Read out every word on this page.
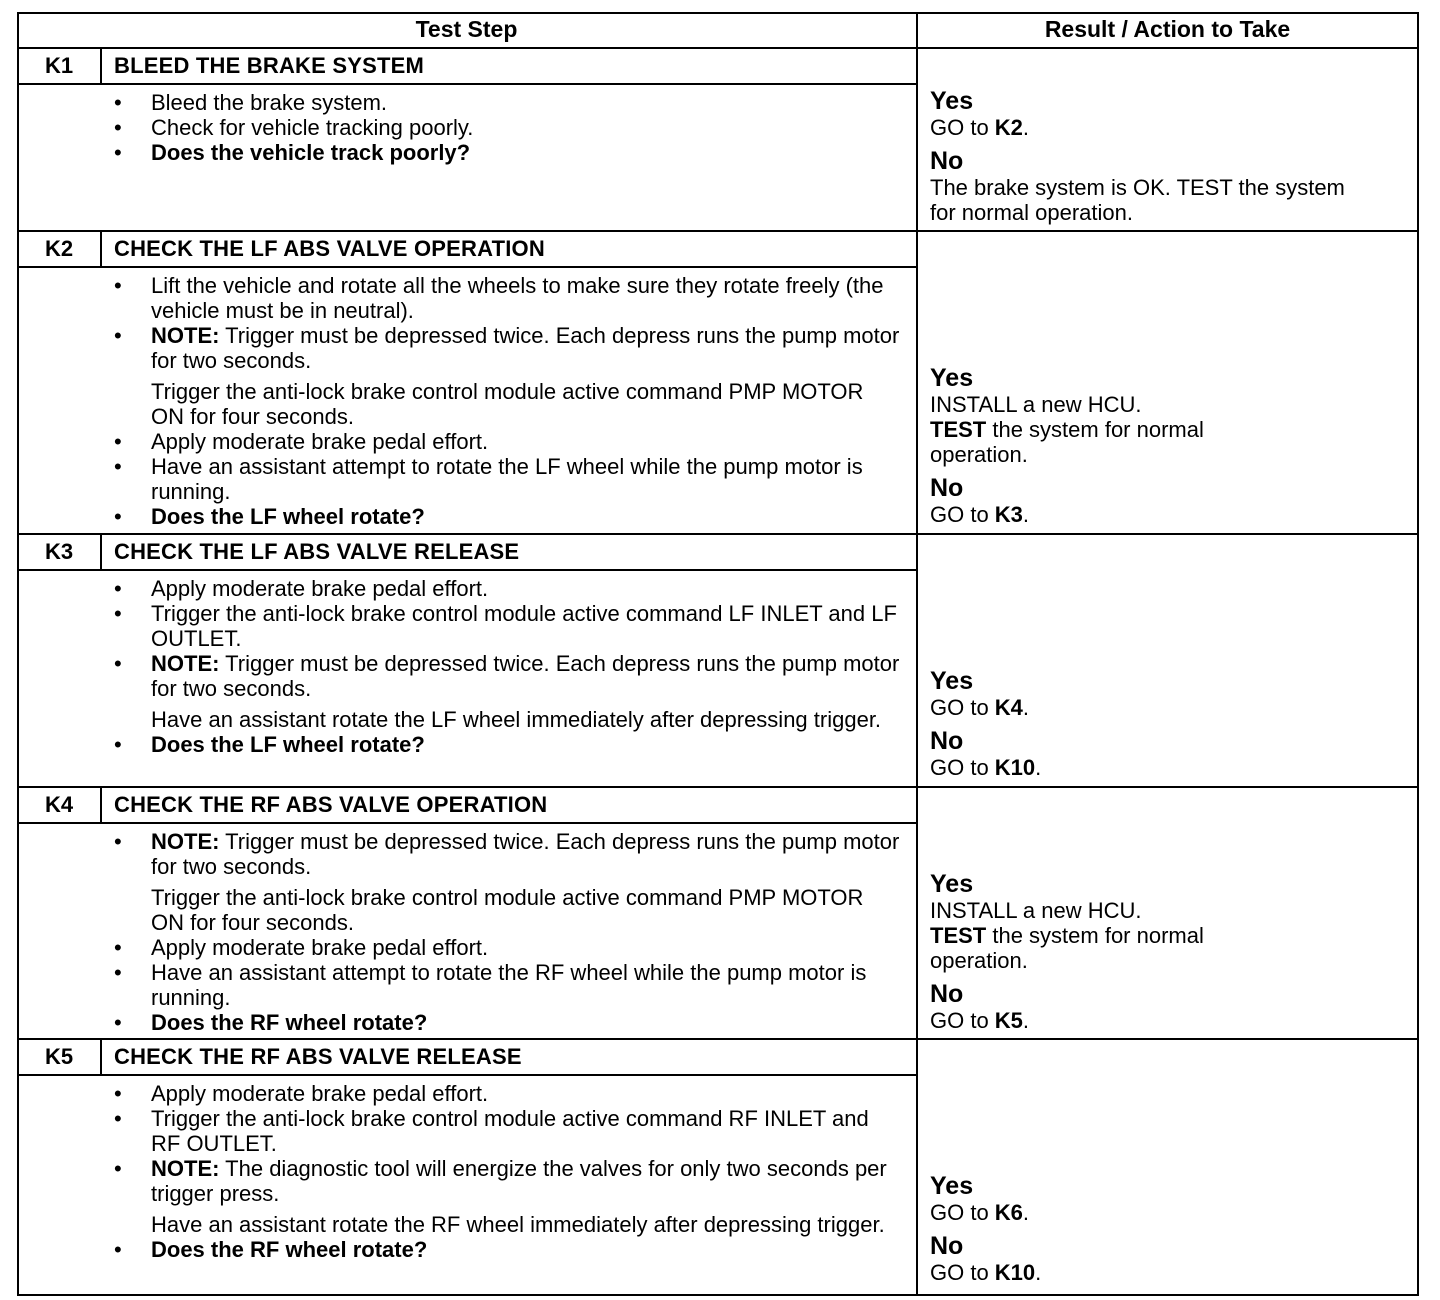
Test Step	Result / Action to Take
K1	BLEED THE BRAKE SYSTEM
• Bleed the brake system.
• Check for vehicle tracking poorly.
• Does the vehicle track poorly?
Yes
GO to K2.
No
The brake system is OK. TEST the system for normal operation.
K2	CHECK THE LF ABS VALVE OPERATION
• Lift the vehicle and rotate all the wheels to make sure they rotate freely (the vehicle must be in neutral).
• NOTE: Trigger must be depressed twice. Each depress runs the pump motor for two seconds.
Trigger the anti-lock brake control module active command PMP MOTOR ON for four seconds.
• Apply moderate brake pedal effort.
• Have an assistant attempt to rotate the LF wheel while the pump motor is running.
• Does the LF wheel rotate?
Yes
INSTALL a new HCU.
TEST the system for normal operation.
No
GO to K3.
K3	CHECK THE LF ABS VALVE RELEASE
• Apply moderate brake pedal effort.
• Trigger the anti-lock brake control module active command LF INLET and LF OUTLET.
• NOTE: Trigger must be depressed twice. Each depress runs the pump motor for two seconds.
Have an assistant rotate the LF wheel immediately after depressing trigger.
• Does the LF wheel rotate?
Yes
GO to K4.
No
GO to K10.
K4	CHECK THE RF ABS VALVE OPERATION
• NOTE: Trigger must be depressed twice. Each depress runs the pump motor for two seconds.
Trigger the anti-lock brake control module active command PMP MOTOR ON for four seconds.
• Apply moderate brake pedal effort.
• Have an assistant attempt to rotate the RF wheel while the pump motor is running.
• Does the RF wheel rotate?
Yes
INSTALL a new HCU.
TEST the system for normal operation.
No
GO to K5.
K5	CHECK THE RF ABS VALVE RELEASE
• Apply moderate brake pedal effort.
• Trigger the anti-lock brake control module active command RF INLET and RF OUTLET.
• NOTE: The diagnostic tool will energize the valves for only two seconds per trigger press.
Have an assistant rotate the RF wheel immediately after depressing trigger.
• Does the RF wheel rotate?
Yes
GO to K6.
No
GO to K10.
